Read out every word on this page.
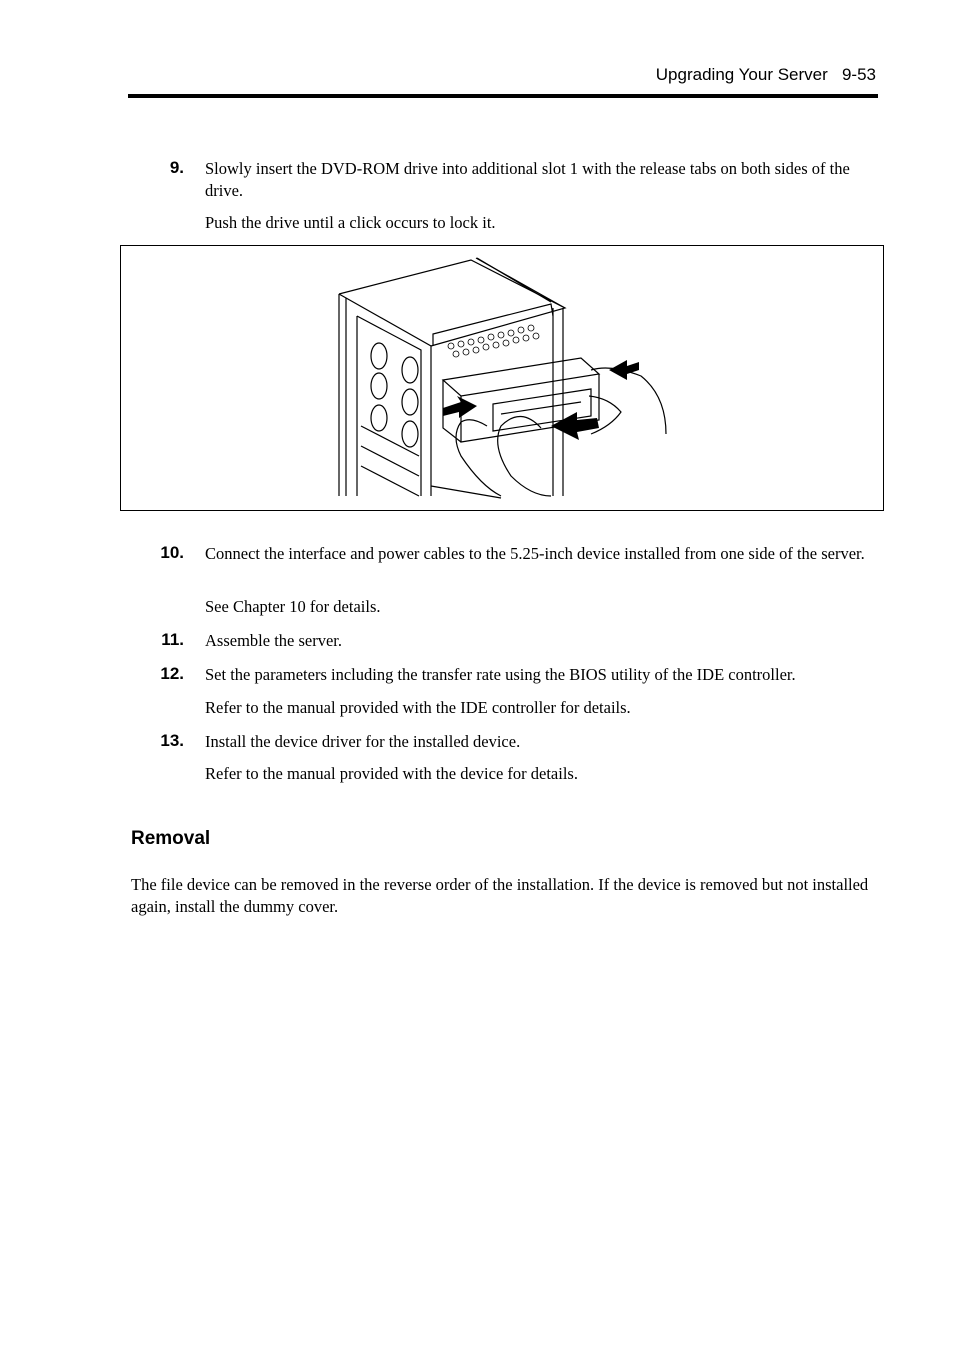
Upgrading Your Server 9-53
9. Slowly insert the DVD-ROM drive into additional slot 1 with the release tabs on both sides of the drive.
Push the drive until a click occurs to lock it.
10. Connect the interface and power cables to the 5.25-inch device installed from one side of the server.
See Chapter 10 for details.
11. Assemble the server.
12. Set the parameters including the transfer rate using the BIOS utility of the IDE controller.
Refer to the manual provided with the IDE controller for details.
13. Install the device driver for the installed device.
Refer to the manual provided with the device for details.
Removal
The file device can be removed in the reverse order of the installation. If the device is removed but not installed again, install the dummy cover.
